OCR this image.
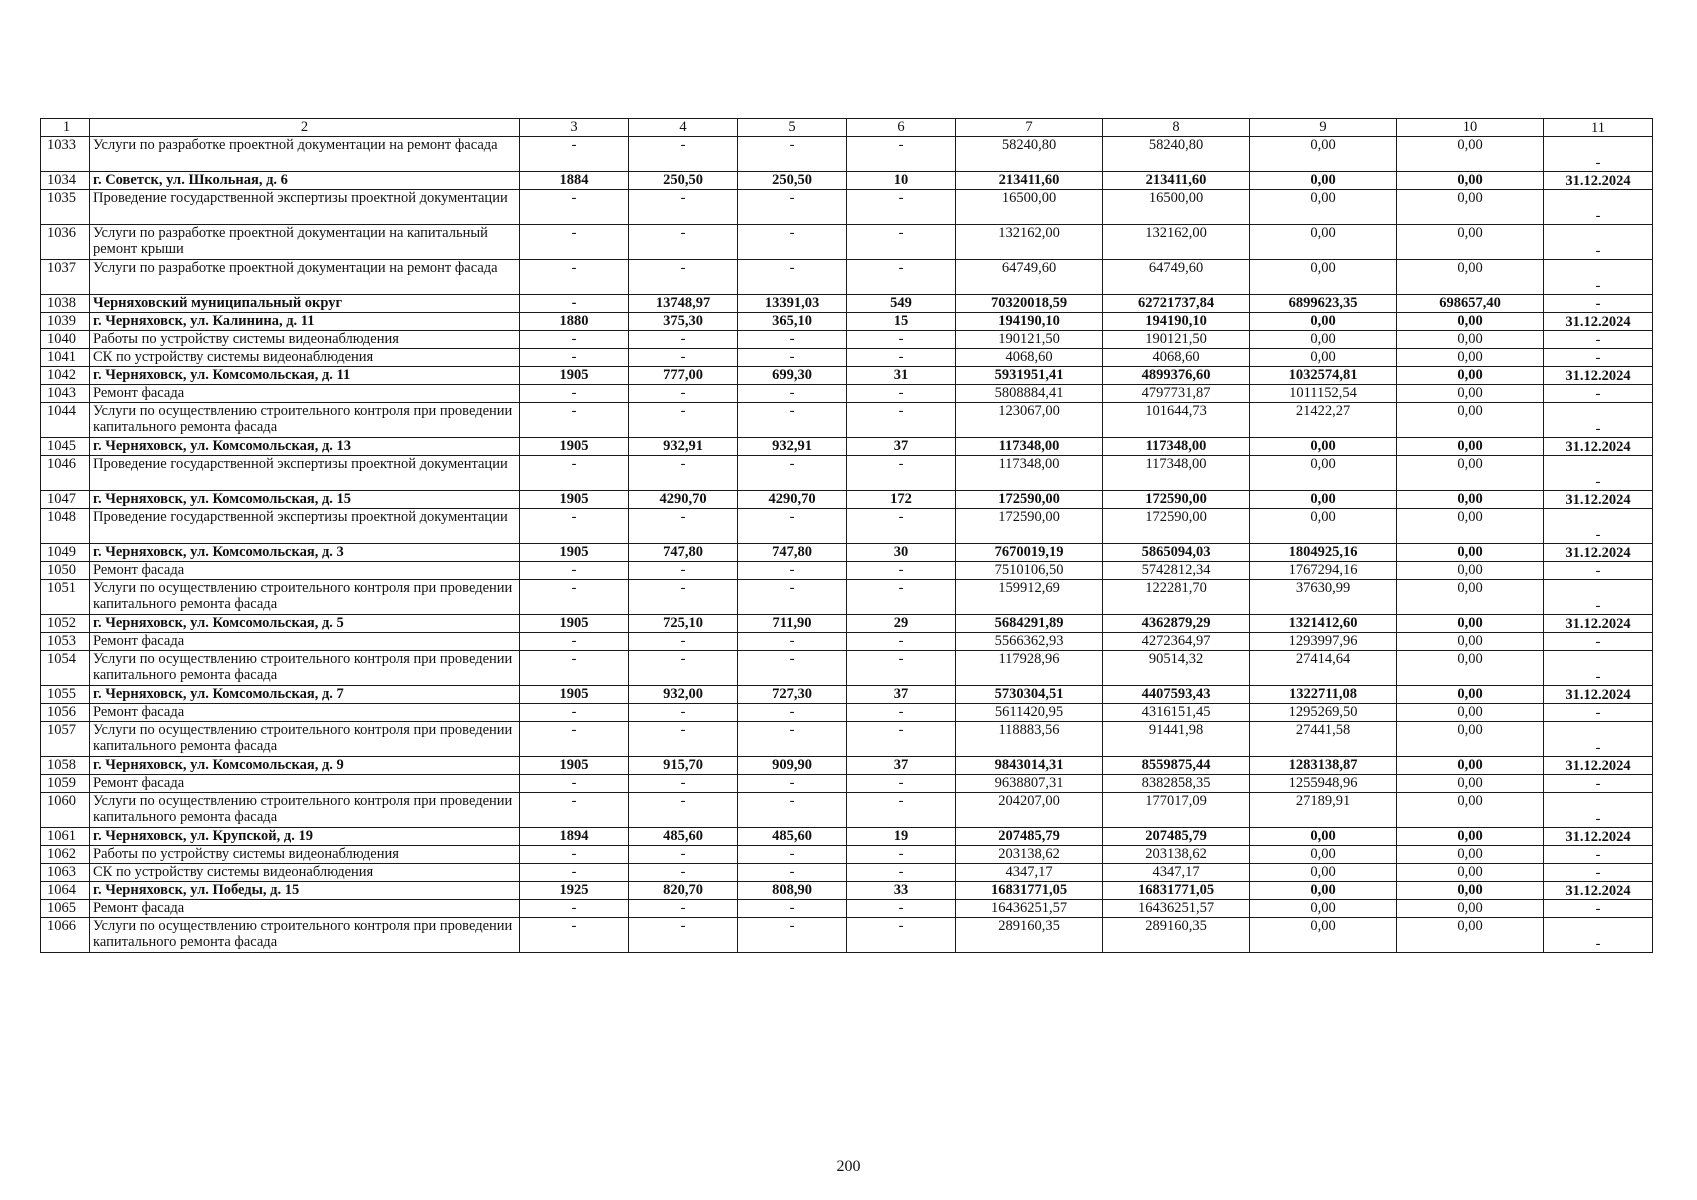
1	2	3	4	5	6	7	8	9	10	11
1033	Услуги по разработке проектной документации на ремонт фасада	-	-	-	-	58240,80	58240,80	0,00	0,00	-
1034	г. Советск, ул. Школьная, д. 6	1884	250,50	250,50	10	213411,60	213411,60	0,00	0,00	31.12.2024
1035	Проведение государственной экспертизы проектной документации	-	-	-	-	16500,00	16500,00	0,00	0,00	-
1036	Услуги по разработке проектной документации на капитальный ремонт крыши	-	-	-	-	132162,00	132162,00	0,00	0,00	-
1037	Услуги по разработке проектной документации на ремонт фасада	-	-	-	-	64749,60	64749,60	0,00	0,00	-
1038	Черняховский муниципальный округ	-	13748,97	13391,03	549	70320018,59	62721737,84	6899623,35	698657,40	-
1039	г. Черняховск, ул. Калинина, д. 11	1880	375,30	365,10	15	194190,10	194190,10	0,00	0,00	31.12.2024
1040	Работы по устройству системы видеонаблюдения	-	-	-	-	190121,50	190121,50	0,00	0,00	-
1041	СК по устройству системы видеонаблюдения	-	-	-	-	4068,60	4068,60	0,00	0,00	-
1042	г. Черняховск, ул. Комсомольская, д. 11	1905	777,00	699,30	31	5931951,41	4899376,60	1032574,81	0,00	31.12.2024
1043	Ремонт фасада	-	-	-	-	5808884,41	4797731,87	1011152,54	0,00	-
1044	Услуги по осуществлению строительного контроля при проведении капитального ремонта фасада	-	-	-	-	123067,00	101644,73	21422,27	0,00	-
1045	г. Черняховск, ул. Комсомольская, д. 13	1905	932,91	932,91	37	117348,00	117348,00	0,00	0,00	31.12.2024
1046	Проведение государственной экспертизы проектной документации	-	-	-	-	117348,00	117348,00	0,00	0,00	-
1047	г. Черняховск, ул. Комсомольская, д. 15	1905	4290,70	4290,70	172	172590,00	172590,00	0,00	0,00	31.12.2024
1048	Проведение государственной экспертизы проектной документации	-	-	-	-	172590,00	172590,00	0,00	0,00	-
1049	г. Черняховск, ул. Комсомольская, д. 3	1905	747,80	747,80	30	7670019,19	5865094,03	1804925,16	0,00	31.12.2024
1050	Ремонт фасада	-	-	-	-	7510106,50	5742812,34	1767294,16	0,00	-
1051	Услуги по осуществлению строительного контроля при проведении капитального ремонта фасада	-	-	-	-	159912,69	122281,70	37630,99	0,00	-
1052	г. Черняховск, ул. Комсомольская, д. 5	1905	725,10	711,90	29	5684291,89	4362879,29	1321412,60	0,00	31.12.2024
1053	Ремонт фасада	-	-	-	-	5566362,93	4272364,97	1293997,96	0,00	-
1054	Услуги по осуществлению строительного контроля при проведении капитального ремонта фасада	-	-	-	-	117928,96	90514,32	27414,64	0,00	-
1055	г. Черняховск, ул. Комсомольская, д. 7	1905	932,00	727,30	37	5730304,51	4407593,43	1322711,08	0,00	31.12.2024
1056	Ремонт фасада	-	-	-	-	5611420,95	4316151,45	1295269,50	0,00	-
1057	Услуги по осуществлению строительного контроля при проведении капитального ремонта фасада	-	-	-	-	118883,56	91441,98	27441,58	0,00	-
1058	г. Черняховск, ул. Комсомольская, д. 9	1905	915,70	909,90	37	9843014,31	8559875,44	1283138,87	0,00	31.12.2024
1059	Ремонт фасада	-	-	-	-	9638807,31	8382858,35	1255948,96	0,00	-
1060	Услуги по осуществлению строительного контроля при проведении капитального ремонта фасада	-	-	-	-	204207,00	177017,09	27189,91	0,00	-
1061	г. Черняховск, ул. Крупской, д. 19	1894	485,60	485,60	19	207485,79	207485,79	0,00	0,00	31.12.2024
1062	Работы по устройству системы видеонаблюдения	-	-	-	-	203138,62	203138,62	0,00	0,00	-
1063	СК по устройству системы видеонаблюдения	-	-	-	-	4347,17	4347,17	0,00	0,00	-
1064	г. Черняховск, ул. Победы, д. 15	1925	820,70	808,90	33	16831771,05	16831771,05	0,00	0,00	31.12.2024
1065	Ремонт фасада	-	-	-	-	16436251,57	16436251,57	0,00	0,00	-
1066	Услуги по осуществлению строительного контроля при проведении капитального ремонта фасада	-	-	-	-	289160,35	289160,35	0,00	0,00	-
200
